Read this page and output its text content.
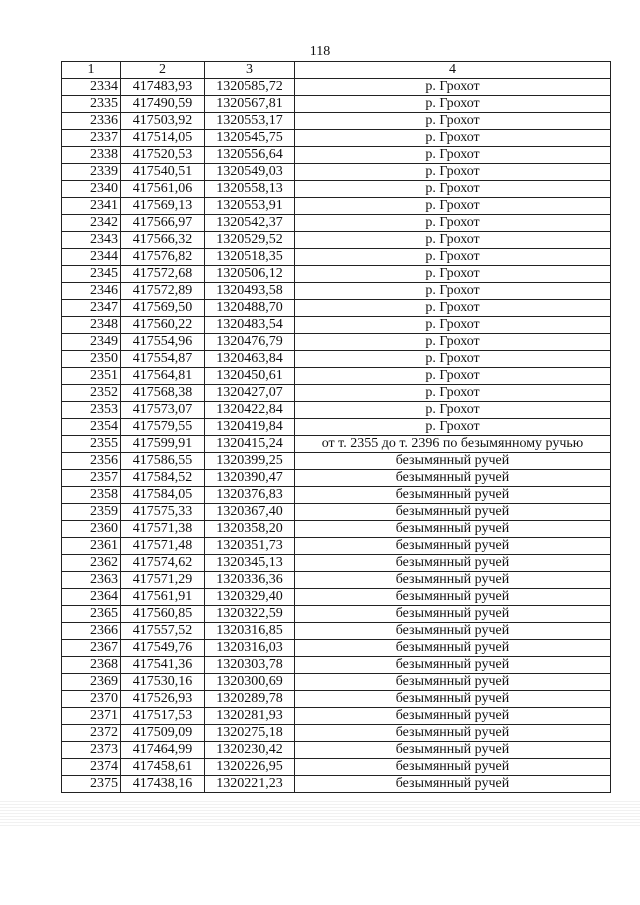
118
1	2	3	4
2334	417483,93	1320585,72	р. Грохот
2335	417490,59	1320567,81	р. Грохот
2336	417503,92	1320553,17	р. Грохот
2337	417514,05	1320545,75	р. Грохот
2338	417520,53	1320556,64	р. Грохот
2339	417540,51	1320549,03	р. Грохот
2340	417561,06	1320558,13	р. Грохот
2341	417569,13	1320553,91	р. Грохот
2342	417566,97	1320542,37	р. Грохот
2343	417566,32	1320529,52	р. Грохот
2344	417576,82	1320518,35	р. Грохот
2345	417572,68	1320506,12	р. Грохот
2346	417572,89	1320493,58	р. Грохот
2347	417569,50	1320488,70	р. Грохот
2348	417560,22	1320483,54	р. Грохот
2349	417554,96	1320476,79	р. Грохот
2350	417554,87	1320463,84	р. Грохот
2351	417564,81	1320450,61	р. Грохот
2352	417568,38	1320427,07	р. Грохот
2353	417573,07	1320422,84	р. Грохот
2354	417579,55	1320419,84	р. Грохот
2355	417599,91	1320415,24	от т. 2355 до т. 2396 по безымянному ручью
2356	417586,55	1320399,25	безымянный ручей
2357	417584,52	1320390,47	безымянный ручей
2358	417584,05	1320376,83	безымянный ручей
2359	417575,33	1320367,40	безымянный ручей
2360	417571,38	1320358,20	безымянный ручей
2361	417571,48	1320351,73	безымянный ручей
2362	417574,62	1320345,13	безымянный ручей
2363	417571,29	1320336,36	безымянный ручей
2364	417561,91	1320329,40	безымянный ручей
2365	417560,85	1320322,59	безымянный ручей
2366	417557,52	1320316,85	безымянный ручей
2367	417549,76	1320316,03	безымянный ручей
2368	417541,36	1320303,78	безымянный ручей
2369	417530,16	1320300,69	безымянный ручей
2370	417526,93	1320289,78	безымянный ручей
2371	417517,53	1320281,93	безымянный ручей
2372	417509,09	1320275,18	безымянный ручей
2373	417464,99	1320230,42	безымянный ручей
2374	417458,61	1320226,95	безымянный ручей
2375	417438,16	1320221,23	безымянный ручей
